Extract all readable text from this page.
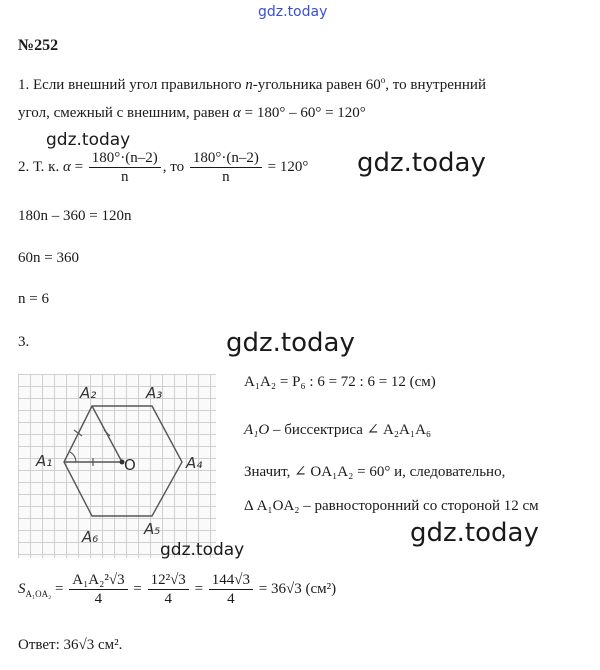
gdz.today
№252
1. Если внешний угол правильного n-угольника равен 60$^o$, то внутренний
угол, смежный с внешним, равен α = 180° – 60° = 120°
gdz.today
2. Т. к. $\alpha = \frac{180^\circ\cdot(n-2)}{n}$ , то $\frac{180^\circ\cdot(n-2)}{n} = 120^\circ$ gdz.today
180n – 360 = 120n
60n = 360
n = 6
3.	gdz.today
A₁
A₂	A₃
A₄
A₅
A₆
O
A₁A₂ = P₆ : 6 = 72 : 6 = 12 (см)
A₁O – биссектриса ∠ A₂A₁A₆
Значит, ∠ OA₁A₂ = 60° и, следовательно,
Δ A₁OA₂ – равносторонний со стороной 12 см
gdz.today
gdz.today
$S_{A_1OA_2} = \frac{\text{A₁A₂²√3}}{4} = \frac{\text{12²√3}}{4} = \frac{144√3}{4} = 36√3$ (см²)
Ответ: 36√3 см².
